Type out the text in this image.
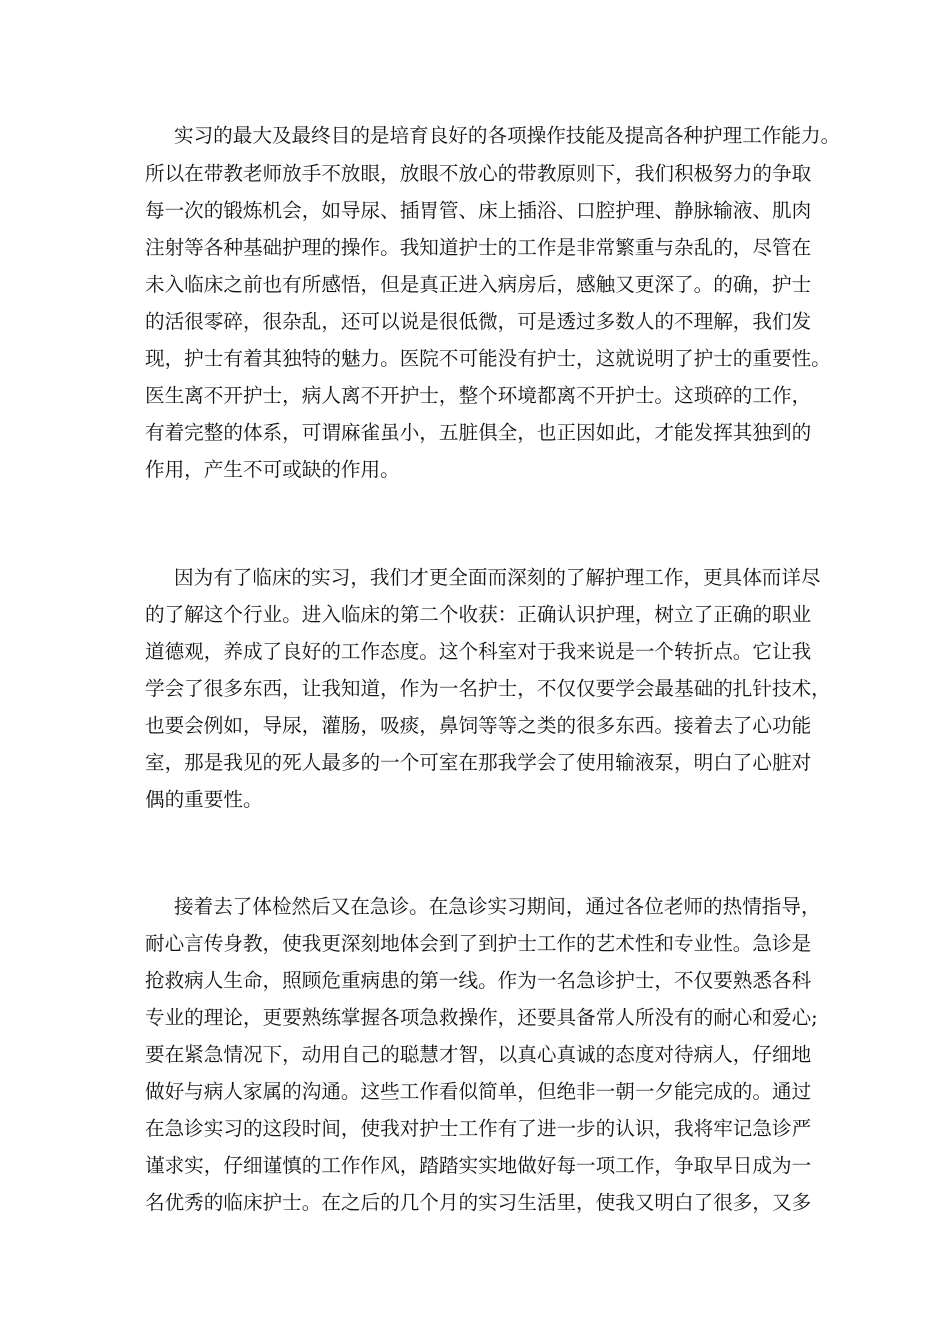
实习的最大及最终目的是培育良好的各项操作技能及提高各种护理工作能力。

所以在带教老师放手不放眼，放眼不放心的带教原则下，我们积极努力的争取

每一次的锻炼机会，如导尿、插胃管、床上插浴、口腔护理、静脉输液、肌肉

注射等各种基础护理的操作。我知道护士的工作是非常繁重与杂乱的，尽管在

未入临床之前也有所感悟，但是真正进入病房后，感触又更深了。的确，护士

的活很零碎，很杂乱，还可以说是很低微，可是透过多数人的不理解，我们发

现，护士有着其独特的魅力。医院不可能没有护士，这就说明了护士的重要性。

医生离不开护士，病人离不开护士，整个环境都离不开护士。这琐碎的工作，

有着完整的体系，可谓麻雀虽小，五脏俱全，也正因如此，才能发挥其独到的

作用，产生不可或缺的作用。

因为有了临床的实习，我们才更全面而深刻的了解护理工作，更具体而详尽

的了解这个行业。进入临床的第二个收获：正确认识护理，树立了正确的职业

道德观，养成了良好的工作态度。这个科室对于我来说是一个转折点。它让我

学会了很多东西，让我知道，作为一名护士，不仅仅要学会最基础的扎针技术，

也要会例如，导尿，灌肠，吸痰，鼻饲等等之类的很多东西。接着去了心功能

室，那是我见的死人最多的一个可室在那我学会了使用输液泵，明白了心脏对

偶的重要性。

接着去了体检然后又在急诊。在急诊实习期间，通过各位老师的热情指导，

耐心言传身教，使我更深刻地体会到了到护士工作的艺术性和专业性。急诊是

抢救病人生命，照顾危重病患的第一线。作为一名急诊护士，不仅要熟悉各科

专业的理论，更要熟练掌握各项急救操作，还要具备常人所没有的耐心和爱心;

要在紧急情况下，动用自己的聪慧才智，以真心真诚的态度对待病人，仔细地

做好与病人家属的沟通。这些工作看似简单，但绝非一朝一夕能完成的。通过

在急诊实习的这段时间，使我对护士工作有了进一步的认识，我将牢记急诊严

谨求实，仔细谨慎的工作作风，踏踏实实地做好每一项工作，争取早日成为一

名优秀的临床护士。在之后的几个月的实习生活里，使我又明白了很多，又多
